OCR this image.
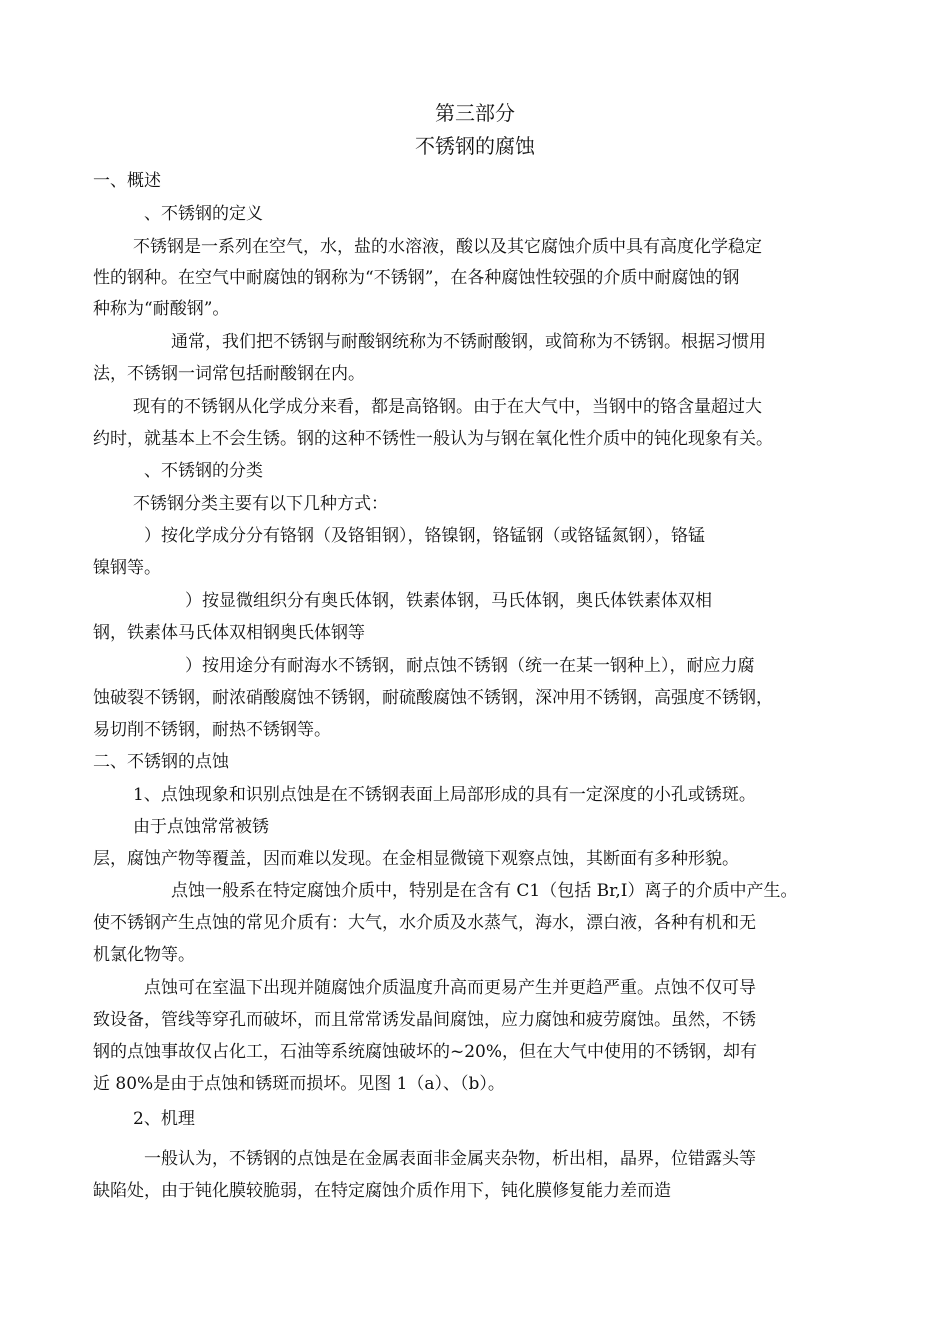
第三部分

不锈钢的腐蚀

一、概述

、不锈钢的定义

不锈钢是一系列在空气，水，盐的水溶液，酸以及其它腐蚀介质中具有高度化学稳定

性的钢种。在空气中耐腐蚀的钢称为“不锈钢”，在各种腐蚀性较强的介质中耐腐蚀的钢

种称为“耐酸钢”。

通常，我们把不锈钢与耐酸钢统称为不锈耐酸钢，或简称为不锈钢。根据习惯用

法，不锈钢一词常包括耐酸钢在内。

现有的不锈钢从化学成分来看，都是高铬钢。由于在大气中，当钢中的铬含量超过大

约时，就基本上不会生锈。钢的这种不锈性一般认为与钢在氧化性介质中的钝化现象有关。

、不锈钢的分类

不锈钢分类主要有以下几种方式：

）按化学成分分有铬钢（及铬钼钢），铬镍钢，铬锰钢（或铬锰氮钢），铬锰

镍钢等。

）按显微组织分有奥氏体钢，铁素体钢，马氏体钢，奥氏体铁素体双相

钢，铁素体马氏体双相钢奥氏体钢等

）按用途分有耐海水不锈钢，耐点蚀不锈钢（统一在某一钢种上），耐应力腐

蚀破裂不锈钢，耐浓硝酸腐蚀不锈钢，耐硫酸腐蚀不锈钢，深冲用不锈钢，高强度不锈钢，

易切削不锈钢，耐热不锈钢等。

二、不锈钢的点蚀

1、点蚀现象和识别点蚀是在不锈钢表面上局部形成的具有一定深度的小孔或锈斑。

由于点蚀常常被锈

层，腐蚀产物等覆盖，因而难以发现。在金相显微镜下观察点蚀，其断面有多种形貌。

点蚀一般系在特定腐蚀介质中，特别是在含有 C1（包括 Br,I）离子的介质中产生。

使不锈钢产生点蚀的常见介质有：大气，水介质及水蒸气，海水，漂白液，各种有机和无

机氯化物等。

点蚀可在室温下出现并随腐蚀介质温度升高而更易产生并更趋严重。点蚀不仅可导

致设备，管线等穿孔而破坏，而且常常诱发晶间腐蚀，应力腐蚀和疲劳腐蚀。虽然，不锈

钢的点蚀事故仅占化工，石油等系统腐蚀破坏的~20%，但在大气中使用的不锈钢，却有

近 80%是由于点蚀和锈斑而损坏。见图 1（a）、（b）。

2、机理

一般认为，不锈钢的点蚀是在金属表面非金属夹杂物，析出相，晶界，位错露头等

缺陷处，由于钝化膜较脆弱，在特定腐蚀介质作用下，钝化膜修复能力差而造
